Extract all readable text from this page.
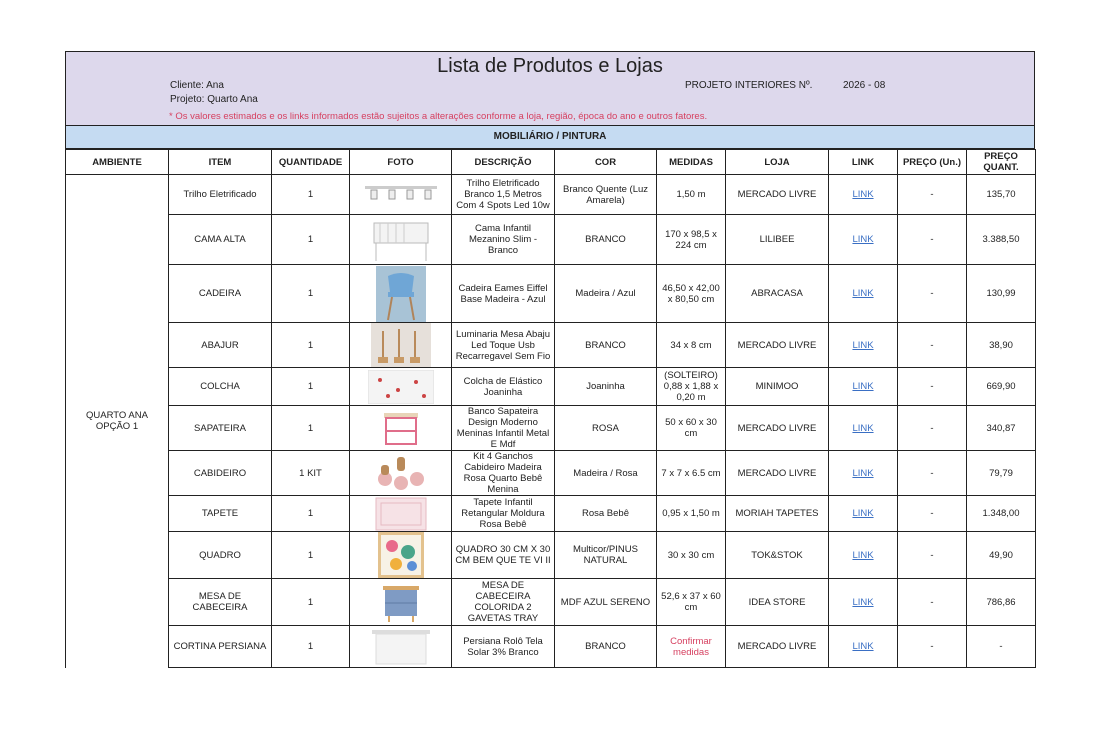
Lista de Produtos e Lojas
Cliente: Ana
Projeto: Quarto Ana
PROJETO INTERIORES Nº.	2026 - 08
* Os valores estimados e os links informados estão sujeitos a alterações conforme a loja, região, época do ano e outros fatores.
MOBILIÁRIO / PINTURA
AMBIENTE	ITEM	QUANTIDADE	FOTO	DESCRIÇÃO	COR	MEDIDAS	LOJA	LINK	PREÇO (Un.)	PREÇO QUANT.
QUARTO ANA OPÇÃO 1	Trilho Eletrificado	1		Trilho Eletrificado Branco 1,5 Metros Com 4 Spots Led 10w	Branco Quente (Luz Amarela)	1,50 m	MERCADO LIVRE	LINK	-	135,70
	CAMA ALTA	1		Cama Infantil Mezanino Slim - Branco	BRANCO	170 x 98,5 x 224 cm	LILIBEE	LINK	-	3.388,50
	CADEIRA	1		Cadeira Eames Eiffel Base Madeira - Azul	Madeira / Azul	46,50 x 42,00 x 80,50 cm	ABRACASA	LINK	-	130,99
	ABAJUR	1		Luminaria Mesa Abaju Led Toque Usb Recarregavel Sem Fio	BRANCO	34 x 8 cm	MERCADO LIVRE	LINK	-	38,90
	COLCHA	1		Colcha de Elástico Joaninha	Joaninha	(SOLTEIRO) 0,88 x 1,88 x 0,20 m	MINIMOO	LINK	-	669,90
	SAPATEIRA	1		Banco Sapateira Design Moderno Meninas Infantil Metal E Mdf	ROSA	50 x 60 x 30 cm	MERCADO LIVRE	LINK	-	340,87
	CABIDEIRO	1 KIT		Kit 4 Ganchos Cabideiro Madeira Rosa Quarto Bebê Menina	Madeira / Rosa	7 x 7 x 6.5 cm	MERCADO LIVRE	LINK	-	79,79
	TAPETE	1		Tapete Infantil Retangular Moldura Rosa Bebê	Rosa Bebê	0,95 x 1,50 m	MORIAH TAPETES	LINK	-	1.348,00
	QUADRO	1		QUADRO 30 CM X 30 CM BEM QUE TE VI II	Multicor/PINUS NATURAL	30 x 30 cm	TOK&STOK	LINK	-	49,90
	MESA DE CABECEIRA	1		MESA DE CABECEIRA COLORIDA 2 GAVETAS TRAY	MDF AZUL SERENO	52,6 x 37 x 60 cm	IDEA STORE	LINK	-	786,86
	CORTINA PERSIANA	1		Persiana Rolô Tela Solar 3% Branco	BRANCO	Confirmar medidas	MERCADO LIVRE	LINK	-	-
